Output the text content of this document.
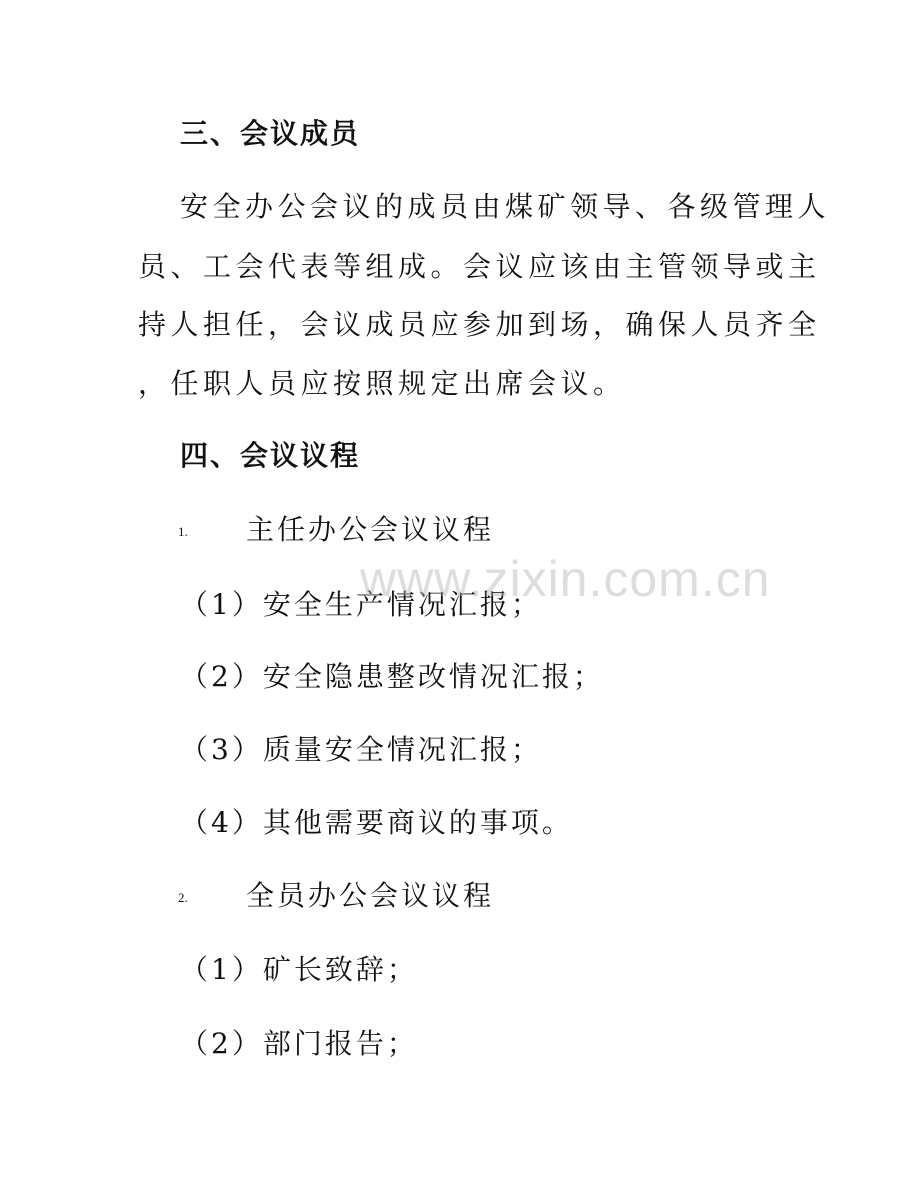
三、会议成员
安全办公会议的成员由煤矿领导、各级管理人
员、工会代表等组成。会议应该由主管领导或主
持人担任，会议成员应参加到场，确保人员齐全
，任职人员应按照规定出席会议。
四、会议议程
1. 主任办公会议议程
（1）安全生产情况汇报；
（2）安全隐患整改情况汇报；
（3）质量安全情况汇报；
（4）其他需要商议的事项。
2. 全员办公会议议程
（1）矿长致辞；
（2）部门报告；
www.zixin.com.cn
